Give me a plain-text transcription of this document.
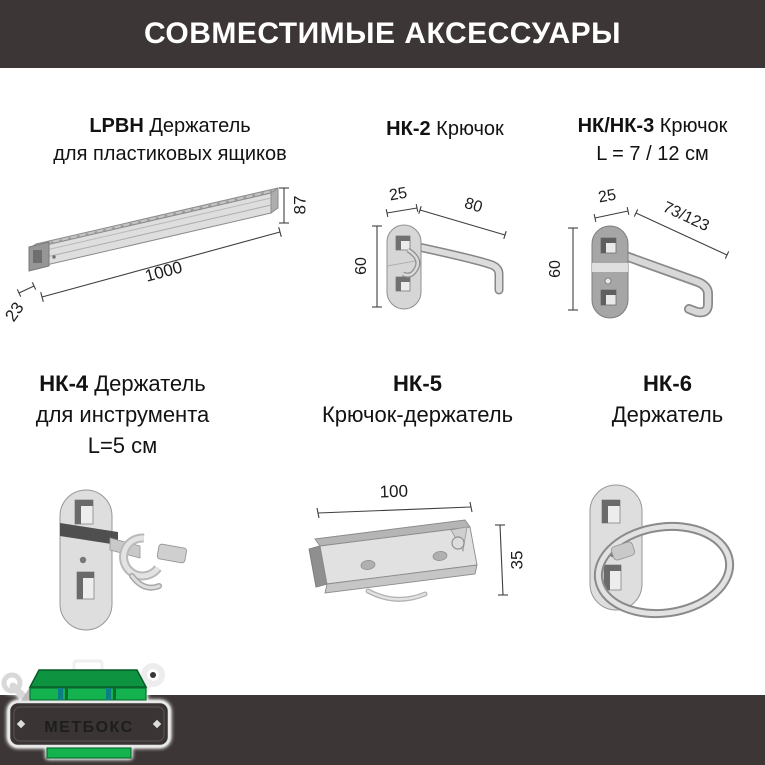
СОВМЕСТИМЫЕ АКСЕССУАРЫ
LPBH Держатель
для пластиковых ящиков
87
1000
23
НК-2 Крючок
60
25
80
НК/НК-3 Крючок
L = 7 / 12 см
60
25
73/123
НК-4 Держатель
для инструмента
L=5 см
НК-5
Крючок-держатель
100
35
НК-6
Держатель
МЕТБОКС
